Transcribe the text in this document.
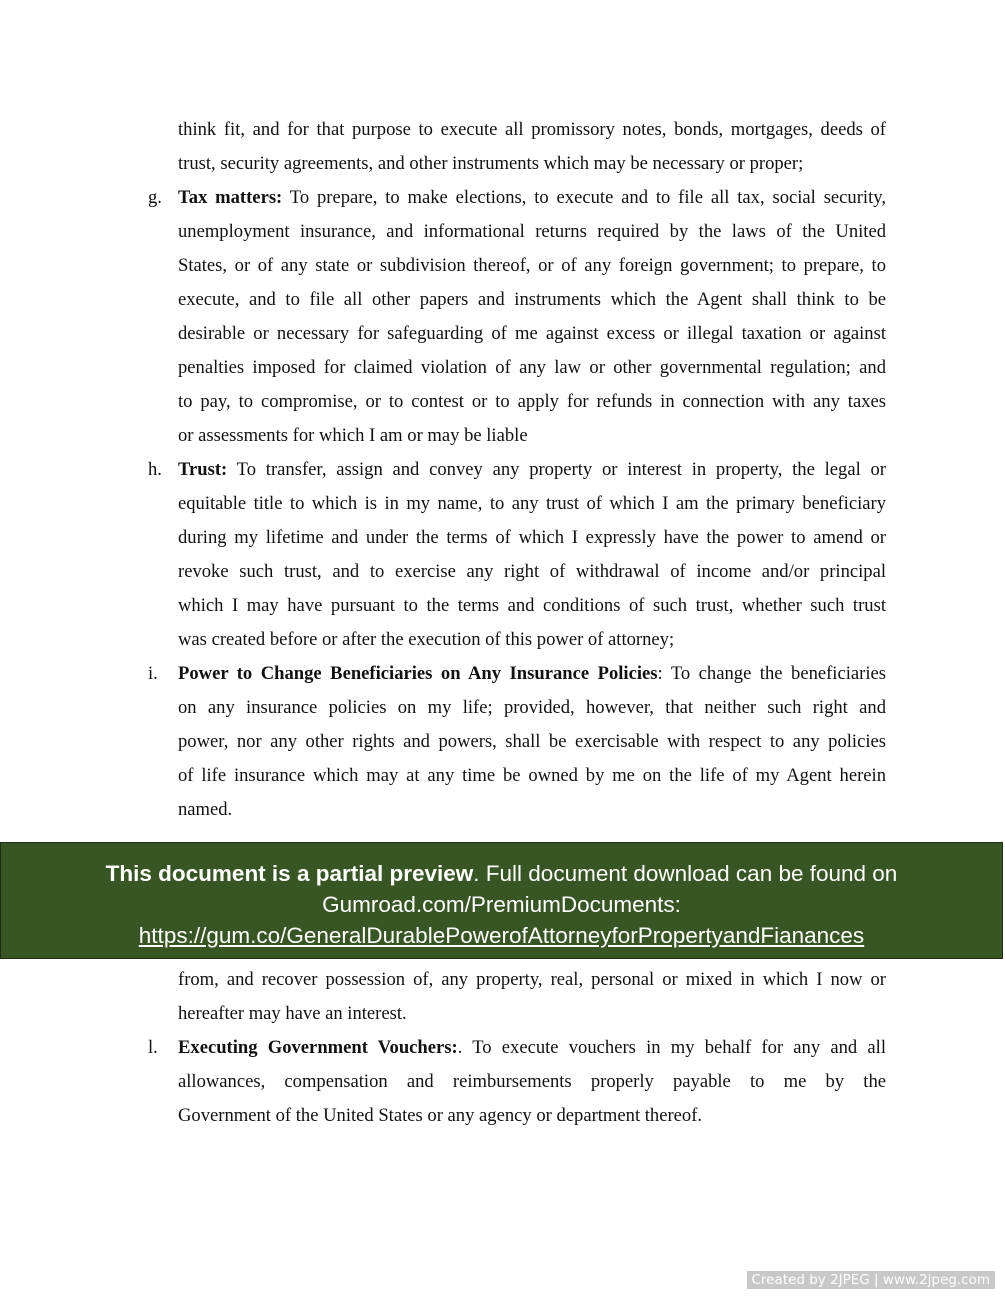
think fit, and for that purpose to execute all promissory notes, bonds, mortgages, deeds of
trust, security agreements, and other instruments which may be necessary or proper;
g. Tax matters: To prepare, to make elections, to execute and to file all tax, social security,
unemployment insurance, and informational returns required by the laws of the United
States, or of any state or subdivision thereof, or of any foreign government; to prepare, to
execute, and to file all other papers and instruments which the Agent shall think to be
desirable or necessary for safeguarding of me against excess or illegal taxation or against
penalties imposed for claimed violation of any law or other governmental regulation; and
to pay, to compromise, or to contest or to apply for refunds in connection with any taxes
or assessments for which I am or may be liable
h. Trust: To transfer, assign and convey any property or interest in property, the legal or
equitable title to which is in my name, to any trust of which I am the primary beneficiary
during my lifetime and under the terms of which I expressly have the power to amend or
revoke such trust, and to exercise any right of withdrawal of income and/or principal
which I may have pursuant to the terms and conditions of such trust, whether such trust
was created before or after the execution of this power of attorney;
i. Power to Change Beneficiaries on Any Insurance Policies: To change the beneficiaries
on any insurance policies on my life; provided, however, that neither such right and
power, nor any other rights and powers, shall be exercisable with respect to any policies
of life insurance which may at any time be owned by me on the life of my Agent herein
named.
from, and recover possession of, any property, real, personal or mixed in which I now or
hereafter may have an interest.
l. Executing Government Vouchers:. To execute vouchers in my behalf for any and all
allowances, compensation and reimbursements properly payable to me by the
Government of the United States or any agency or department thereof.
This document is a partial preview. Full document download can be found on
Gumroad.com/PremiumDocuments:
https://gum.co/GeneralDurablePowerofAttorneyforPropertyandFianances
Created by 2JPEG | www.2jpeg.com
